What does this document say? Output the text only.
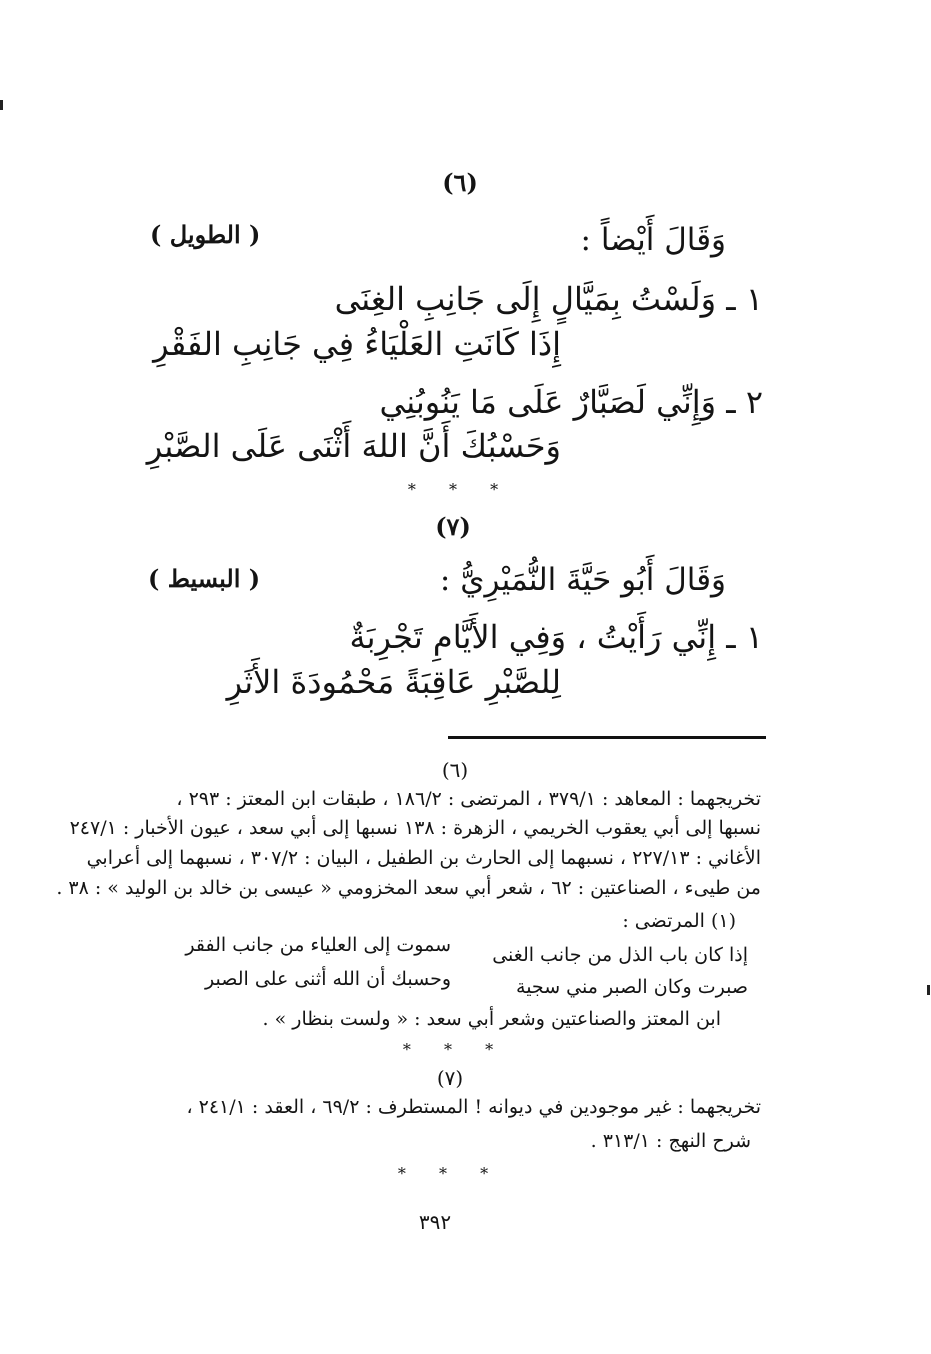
(٦)
وَقَالَ أَيْضاً :
( الطويل )
١ ـ وَلَسْتُ بِمَيَّالٍ إِلَى جَانِبِ الغِنَى
إِذَا كَانَتِ العَلْيَاءُ فِي جَانِبِ الفَقْرِ
٢ ـ وَإِنِّي لَصَبَّارٌ عَلَى مَا يَنُوبُنِي
وَحَسْبُكَ أَنَّ اللهَ أَثْنَى عَلَى الصَّبْرِ
* * *
(٧)
وَقَالَ أَبُو حَيَّةَ النُّمَيْرِيُّ :
( البسيط )
١ ـ إِنِّي رَأَيْتُ ، وَفِي الأَيَّامِ تَجْرِبَةٌ
لِلصَّبْرِ عَاقِبَةً مَحْمُودَةَ الأَثَرِ
(٦)
تخريجهما : المعاهد : ٣٧٩/١ ، المرتضى : ١٨٦/٢ ، طبقات ابن المعتز : ٢٩٣ ،
نسبها إلى أبي يعقوب الخريمي ، الزهرة : ١٣٨ نسبها إلى أبي سعد ، عيون الأخبار : ٢٤٧/١
الأغاني : ٢٢٧/١٣ ، نسبهما إلى الحارث بن الطفيل ، البيان : ٣٠٧/٢ ، نسبهما إلى أعرابي
من طيىء ، الصناعتين : ٦٢ ، شعر أبي سعد المخزومي « عيسى بن خالد بن الوليد » : ٣٨ .
(١) المرتضى :
إذا كان باب الذل من جانب الغنى
سموت إلى العلياء من جانب الفقر
صبرت وكان الصبر مني سجية
وحسبك أن الله أثنى على الصبر
ابن المعتز والصناعتين وشعر أبي سعد : « ولست بنظار » .
* * *
(٧)
تخريجهما : غير موجودين في ديوانه ! المستطرف : ٦٩/٢ ، العقد : ٢٤١/١ ،
شرح النهج : ٣١٣/١ .
* * *
٣٩٢
